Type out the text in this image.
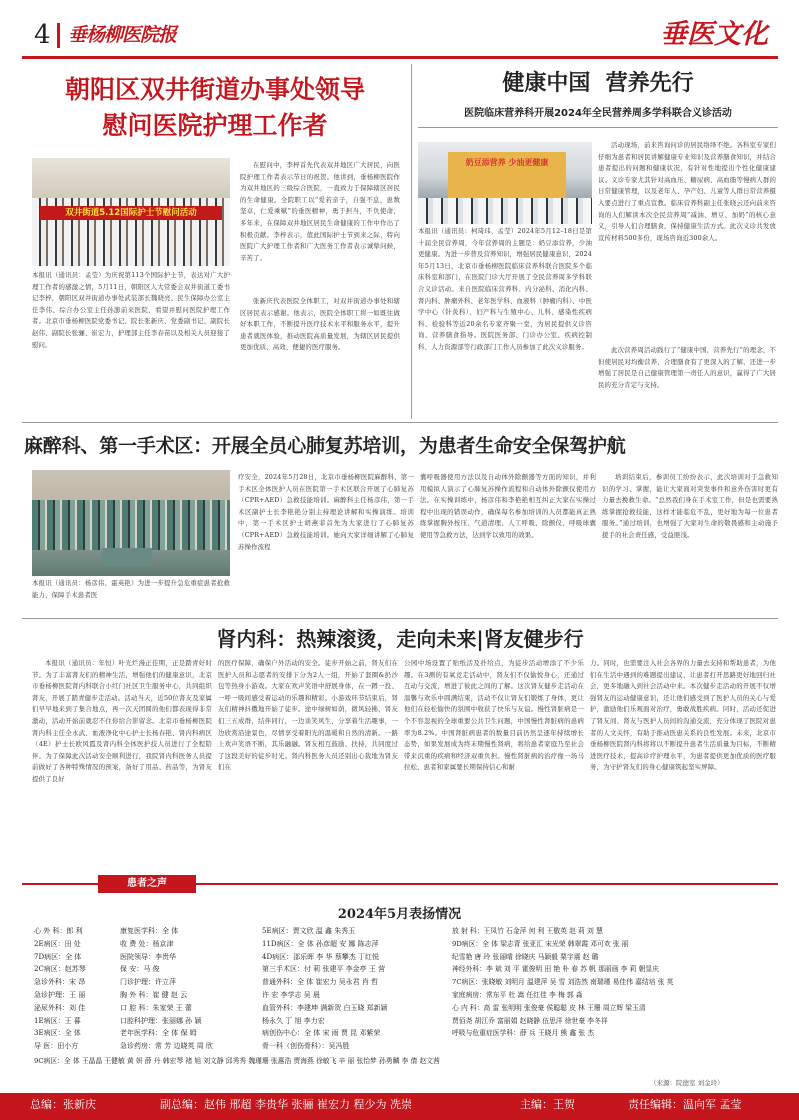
4 垂杨柳医院报	垂医文化
朝阳区双井街道办事处领导
慰问医院护理工作者
双井街道5.12国际护士节慰问活动
本报讯（通讯员：孟莹）为庆祝第113个国际护士节，表达对广大护理工作者的感激之情，5月11日，朝阳区人大常委会双井街道工委书记李梓，朝阳区双井街道办事处武装部长魏晓亮、民生保障办公室主任李伟、综合办公室主任孙澎前来医院，看望并慰问医院护理工作者。北京市垂杨柳医院党委书记、院长张新庆、党委副书记、副院长赵伟、副院长张骊、崔宏力，护理部主任李春苗以及相关人员迎接了慰问。
在慰问中，李梓首先代表双井地区广大居民，向医院护理工作者表示节日的祝贺。他讲到，垂杨柳医院作为双井地区的三级综合医院，一直致力于保障辖区居民的生命健康。全院职工以“爱若亲子，自强不息，患数坚卓，仁爱乘赋”的垂医精神，勇于担当，不负使命，多年来，在保障双井地区居民生命健康的工作中作出了积极贡献。李梓表示，值此国际护士节到来之际，特向医院广大护理工作者和广大医务工作者表示诚挚问候，辛苦了。
张新庆代表医院全体职工，对双井街道办事处和辖区居民表示感谢。他表示，医院全体职工将一如既往做好本职工作，不断提升医疗技术水平和服务水平，提升患者就医体验，推动医院高质量发展，为辖区居民提供更加优质、高效、便捷的医疗服务。
健康中国  营养先行
医院临床营养科开展2024年全民营养周多学科联合义诊活动
奶豆添营养 少油更健康
本报讯（通讯员：柯琦玮、孟莹）2024年5月12–18日是第十届全民营养周，今年营养周的主题是：奶豆添营养，少油更健康。为进一步普及营养知识，增强居民健康意识，2024年5月13日，北京市垂杨柳医院临床营养科联合医院多个临床科室和部门，在医院门诊大厅开展了全民营养周多学科联合义诊活动。来自医院临床营养科、内分泌科、消化内科、肾内科、肿瘤外科、老年医学科、血液科（肿瘤内科）、中医学中心（针灸科）、妇产科与生殖中心、儿科、感染性疾病科、检验科等近20余名专家齐聚一堂，为居民提供义诊咨询、营养膳食指导。医院医务部、门诊办公室、疾病控制科、人力资源部等行政部门工作人员参加了此次义诊服务。
活动现场，前来咨询问诊的居民络绎不绝。各科室专家们仔细为患者和居民讲解健康专业知识及营养膳食知识，并结合患者提出的问题和健康状况，有针对性地提出个性化健康建议。义诊专家尤其针对高血压、糖尿病、高血脂等慢病人群的日常健康管理，以及老年人、孕产妇、儿童等人群日常营养摄入要点进行了重点宣教。临床营养科副主任张晓云还向前来咨询的人们解读本次全民营养周“减油、增豆、加奶”的核心意义，引导人们合理膳食，保持健康生活方式。此次义诊共发放宣传材料500多份，现场咨询近300余人。
此次营养周活动践行了“健康中国，营养先行”的理念，不但使居民对均衡营养、合理膳食有了更深入的了解，还进一步增强了居民是自己健康管理第一责任人的意识，赢得了广大居民的充分肯定与支持。
麻醉科、第一手术区：开展全员心肺复苏培训，为患者生命安全保驾护航
本报讯（通讯员：杨彦伟、霍英艳）为进一步提升急危重症患者抢救能力，保障手术患者医
疗安全，2024年5月28日，北京市垂杨柳医院麻醉科、第一手术区全体医护人员在医院第一手术区联合开展了心肺复苏（CPR+AED）急救技能培训。麻醉科主任杨彦伟，第一手术区副护士长李艳艳分别主持理论讲解和实操演练。培训中，第一手术区护士胡燕菲首先为大家进行了心肺复苏（CPR+AED）急救技能培训。她向大家详细讲解了心肺复苏操作流程
囊呼吸器使用方法以及自动体外除颤器等方面的知识，并利用模拟人演示了心肺复苏操作流程和自动体外除颤仪使用方法。在实操训练中，杨彦伟和李艳艳相互纠正大家在实操过程中出现的错误动作，确保每名参加培训的人员都能真正熟练掌握胸外按压、气道清理、人工呼吸、除颤仪、呼吸球囊使用等急救方法，达到学以致用的效果。
培训结束后，参训员工纷纷表示，此次培训对于急救知识的学习、掌握，能让大家面对突发事件和意外伤害时更有力量去挽救生命。“总然我们身在手术室工作，但是也需要熟练掌握抢救技能，这样才能临危不乱，更好地为每一位患者服务。”通过培训，也增强了大家对生命的敬畏感和主动施予援手的社会责任感，受益匪浅。
肾内科：热辣滚烫，走向未来|肾友健步行
本报讯（通讯员：年恒）叶光烂漫正佳期，正是踏青好时节。为了丰富肾友们的精神生活，增强他们的健康意识，北京市垂杨柳医院肾内科联合小红门社区卫生服务中心，共同组织肾友，开展了踏青健步走活动。活动当天，近50位肾友及家属们早早地来到了集合地点，再一次天团圆的他们都表现得非常激动，活动开始前就忍不住你给合影留念。北京市垂杨柳医院肾内科主任全永武、血液净化中心护士长杨春艳、肾内科病区（4E）护士长欧风霞及肾内科全体医护技人员进行了全程陪伴。为了保障此次活动安全顺利进行，我院肾内科医务人员提前做好了各种特殊情况的预案，备好了用品、药品等，为肾友提供了良好
的医疗保障，确保户外活动的安全。徒步开始之前，肾友们在医护人员和志愿者的安排下分为2人一组，开始了套圈&扔沙包等热身小游戏。大家在欢声笑语中舒展身体，在一蹲一投、一呼一吸间感受着运动的乐趣和精彩。小游戏环节结束后，肾友们精神抖擞地开始了徒步。途中绿树如荫，微风轻拂，肾友们三五成群，结伴同行，一边谈笑风生，分享着生活趣事，一边欣赏沿途景色，尽情享受着阳光的温暖和自然的清新。一路上欢声笑语不断，其乐融融。肾友相互鼓励、扶持，共同度过了这段美好的徒步时光。肾内科医务人员还别出心裁地为肾友们在
公园中场设置了贴纸活及扑给点，为徒步活动增添了不少乐趣。在3测的有氧竞走活动中，肾友们不仅愉悦身心，还通过互动与交流，增进了彼此之间的了解。这次肾友健步走活动在温馨与欢乐中圆满结束，活动不仅让肾友们锻炼了身体，更让他们在轻松愉快的氛围中收获了快乐与友谊。慢性肾脏病是一个不容忽视的全球重要公共卫生问题，中国慢性肾脏病的患病率为8.2%。中国肾脏病患者的数量目前仍然呈逐年持续增长态势，如果发展成为终末期慢性肾病，将给患者家庭乃至社会带来沉重的疾病和经济双重负担。慢性肾脏病的治疗像一场马拉松，患者和家属要长期保持信心和耐
力。同时，也需要注入社会各界的力量去支持和帮助患者，为他们在生活中遇到的难题提出建议，让患者打开思路更好地回归社会，更多地融入到社会活动中来。本次健步走活动的开展不仅增强肾友的运动健康意识，还让他们感受到了医护人员的关心与爱护，激励他们乐观面对治疗，勇敢战胜疾病。同时，活动还促进了肾友间、肾友与医护人员间的沟通交流，充分体现了医院对患者的人文关怀，有助于推动医患关系的良性发展。未来，北京市垂杨柳医院肾内科将将以不断提升患者生活质量为目标，不断精进医疗技术，提高诊疗护理水平，为患者提供更加优质的医疗服务，为守护肾友们的身心健康筑起坚实屏障。
患者之声
2024年5月表扬情况
心 外 科：郎 利
2E病区：田 处
7D病区：全 体
2C病区：赵苏琴
急诊外科：宋 昂
急诊护理：王 丽
泌尿外科：刘 佳
1E病区：王 暮
3E病区：全 体
导 医：田小方
康复医学科：全 体
收 费 处：杨京津
医院领导：李贵华
保 安：马 俊
门诊护理：许立萍
胸 外 科：崔 健 赵 云
口 腔 科：朱家荣 王 蕾
口腔科护理：张丽娜 孙 颖
老年医学科：全 体 保 姆
急诊药房：常 芳 边晓英 周 欣
5E病区：贾文欣 温 鑫 朱秀玉
11D病区：全 体 孙彦超 安 娜 陈志萍
4D病区：邵乐晖 李 华 蔡攀杰 丁红悦
第三手术区：付 莉 张建平 李金亭 王 营
普通外科：全 体 崔宏力 吴永君 肖 哲
许 宏 李学志 吴 晨
血管外科：李建坤 满新贺 白玉晓 郑新颖
杨永久 丁 旭 李力宏
病创伤中心：全 体 宋 雨 贾 昆 邓紫荣
骨一科（创伤骨科）：吴冯胜
放 射 科：王凤竹 石金萍 何 利 王敬英 赵 莉 刘 慧
9D病区：全 体 梁志青 张亚汇 宋光荣 韩翠霞 邓可欢 张 丽
纪雪艳 唐 玲 张丽晴 徐晓庆 马颖毅 栗宇震 赵 璐
神经外科：李 斌 刘 平 霍俊明 田 艳 朴 春 苏 帆 那丽画 李 莉 朝显庆
7C病区：张晓敏 刘明月 温建萍 吴 雪 刘浩然 南瑞瑾 易佳伟 嘉结培 张 英
家庭病房：常东平 杜 嵩 任红佳 李 梅 郭 淼
心 内 科：高 雷 张明明 张俊豪 侯聪聪 皮 林 王珊 周立辉 梁玉清
贾佰尧 胡江乔 富丽娟 赵晓静 伍思洋 徐世豪 李冬祥
呼吸与危重症医学科：薛 兵 王晓月 熊 鑫 张 杰
9C病区：全 体 王晶晶 王健敏 黄 妍 薛 丹 韩宏琴 褚 旭 刘文静 邱秀秀 魏瑾珊 张惠浩 贾海燕 徐敏飞 辛 丽 张怡梦 孙勇麟 李 倩 赵文茜
（来源：院德室 刘金玲）
总编：张新庆	副总编：赵伟 邢超 李贵华 张骊 崔宏力 程少为 冼崇	主编：王贺	责任编辑：温向军 孟莹
